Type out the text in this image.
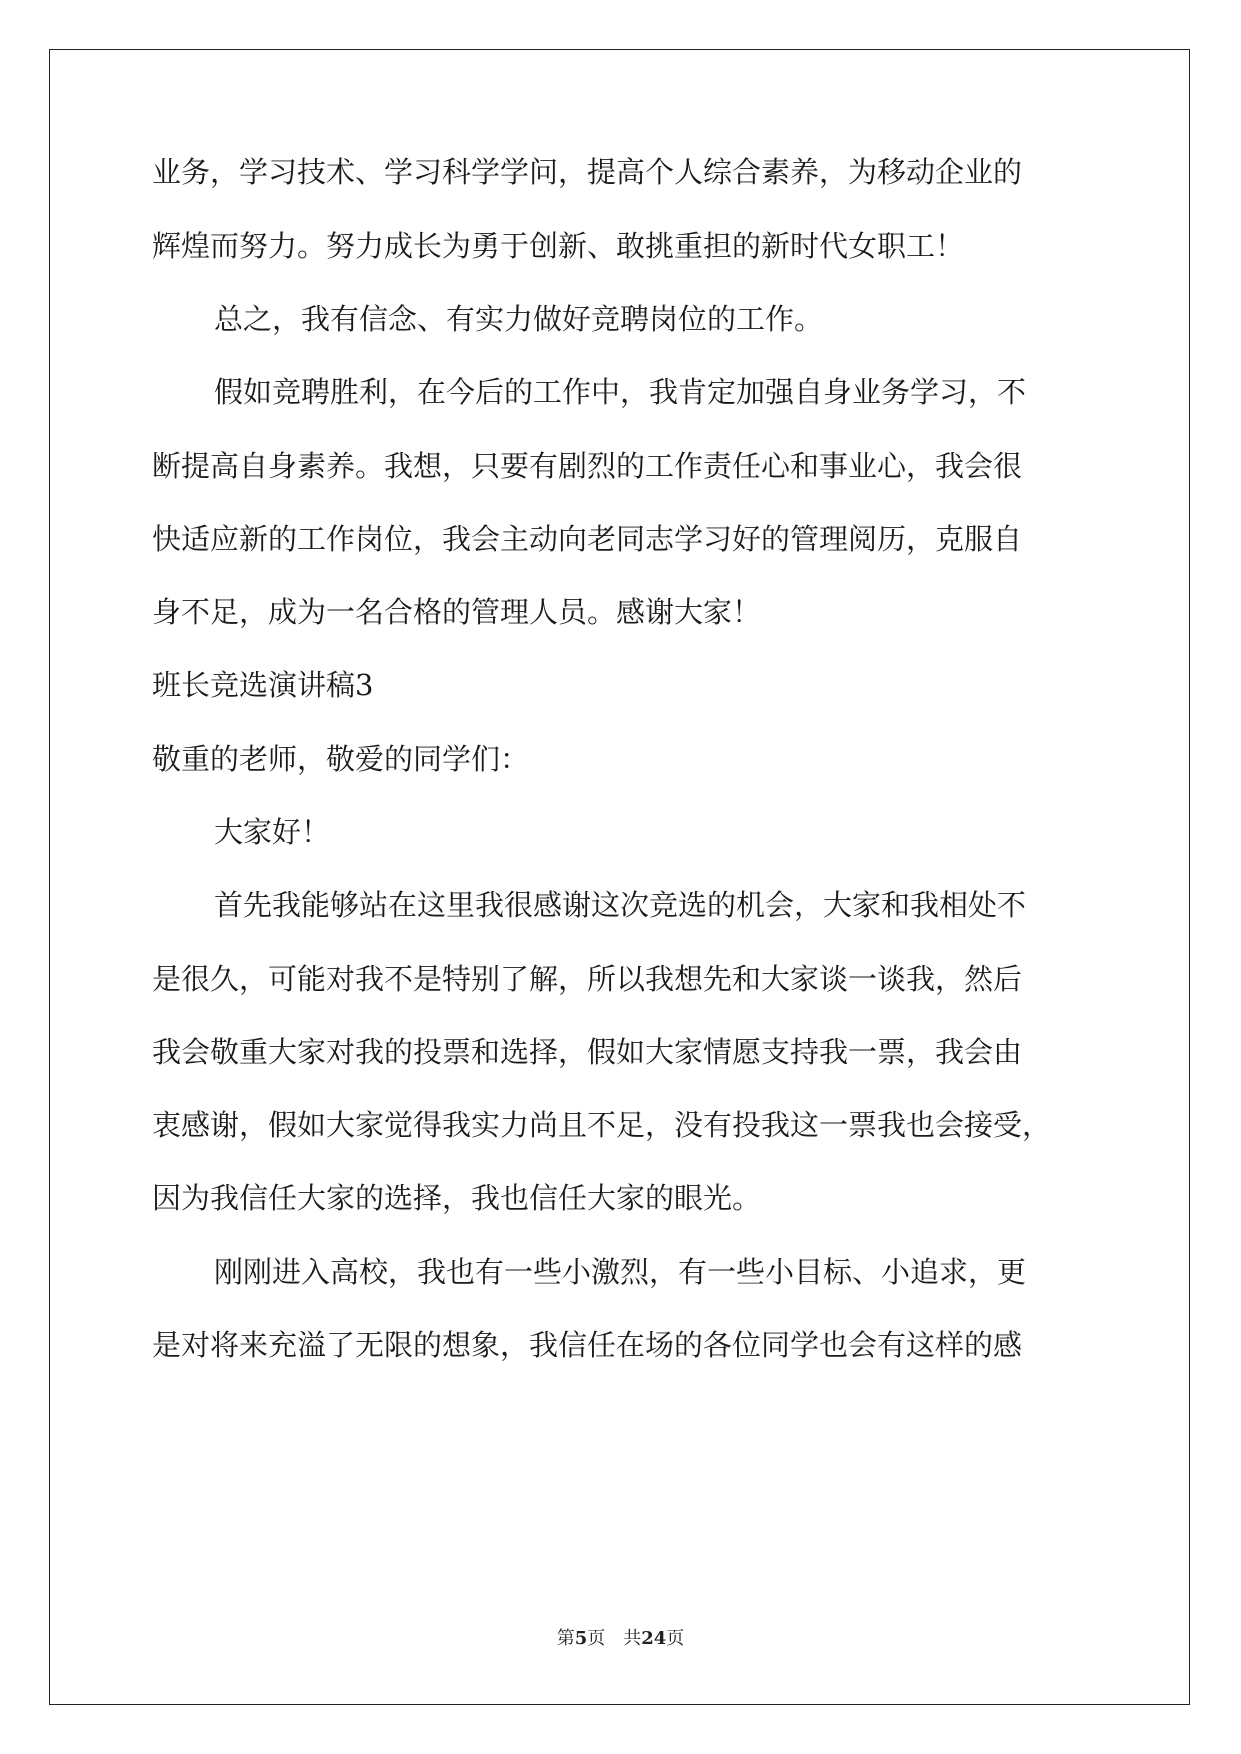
业务，学习技术、学习科学学问，提高个人综合素养，为移动企业的
辉煌而努力。努力成长为勇于创新、敢挑重担的新时代女职工！
总之，我有信念、有实力做好竞聘岗位的工作。
假如竞聘胜利，在今后的工作中，我肯定加强自身业务学习，不
断提高自身素养。我想，只要有剧烈的工作责任心和事业心，我会很
快适应新的工作岗位，我会主动向老同志学习好的管理阅历，克服自
身不足，成为一名合格的管理人员。感谢大家！
班长竞选演讲稿3
敬重的老师，敬爱的同学们：
大家好！
首先我能够站在这里我很感谢这次竞选的机会，大家和我相处不
是很久，可能对我不是特别了解，所以我想先和大家谈一谈我，然后
我会敬重大家对我的投票和选择，假如大家情愿支持我一票，我会由
衷感谢，假如大家觉得我实力尚且不足，没有投我这一票我也会接受，
因为我信任大家的选择，我也信任大家的眼光。
刚刚进入高校，我也有一些小激烈，有一些小目标、小追求，更
是对将来充溢了无限的想象，我信任在场的各位同学也会有这样的感
第5页 共24页
